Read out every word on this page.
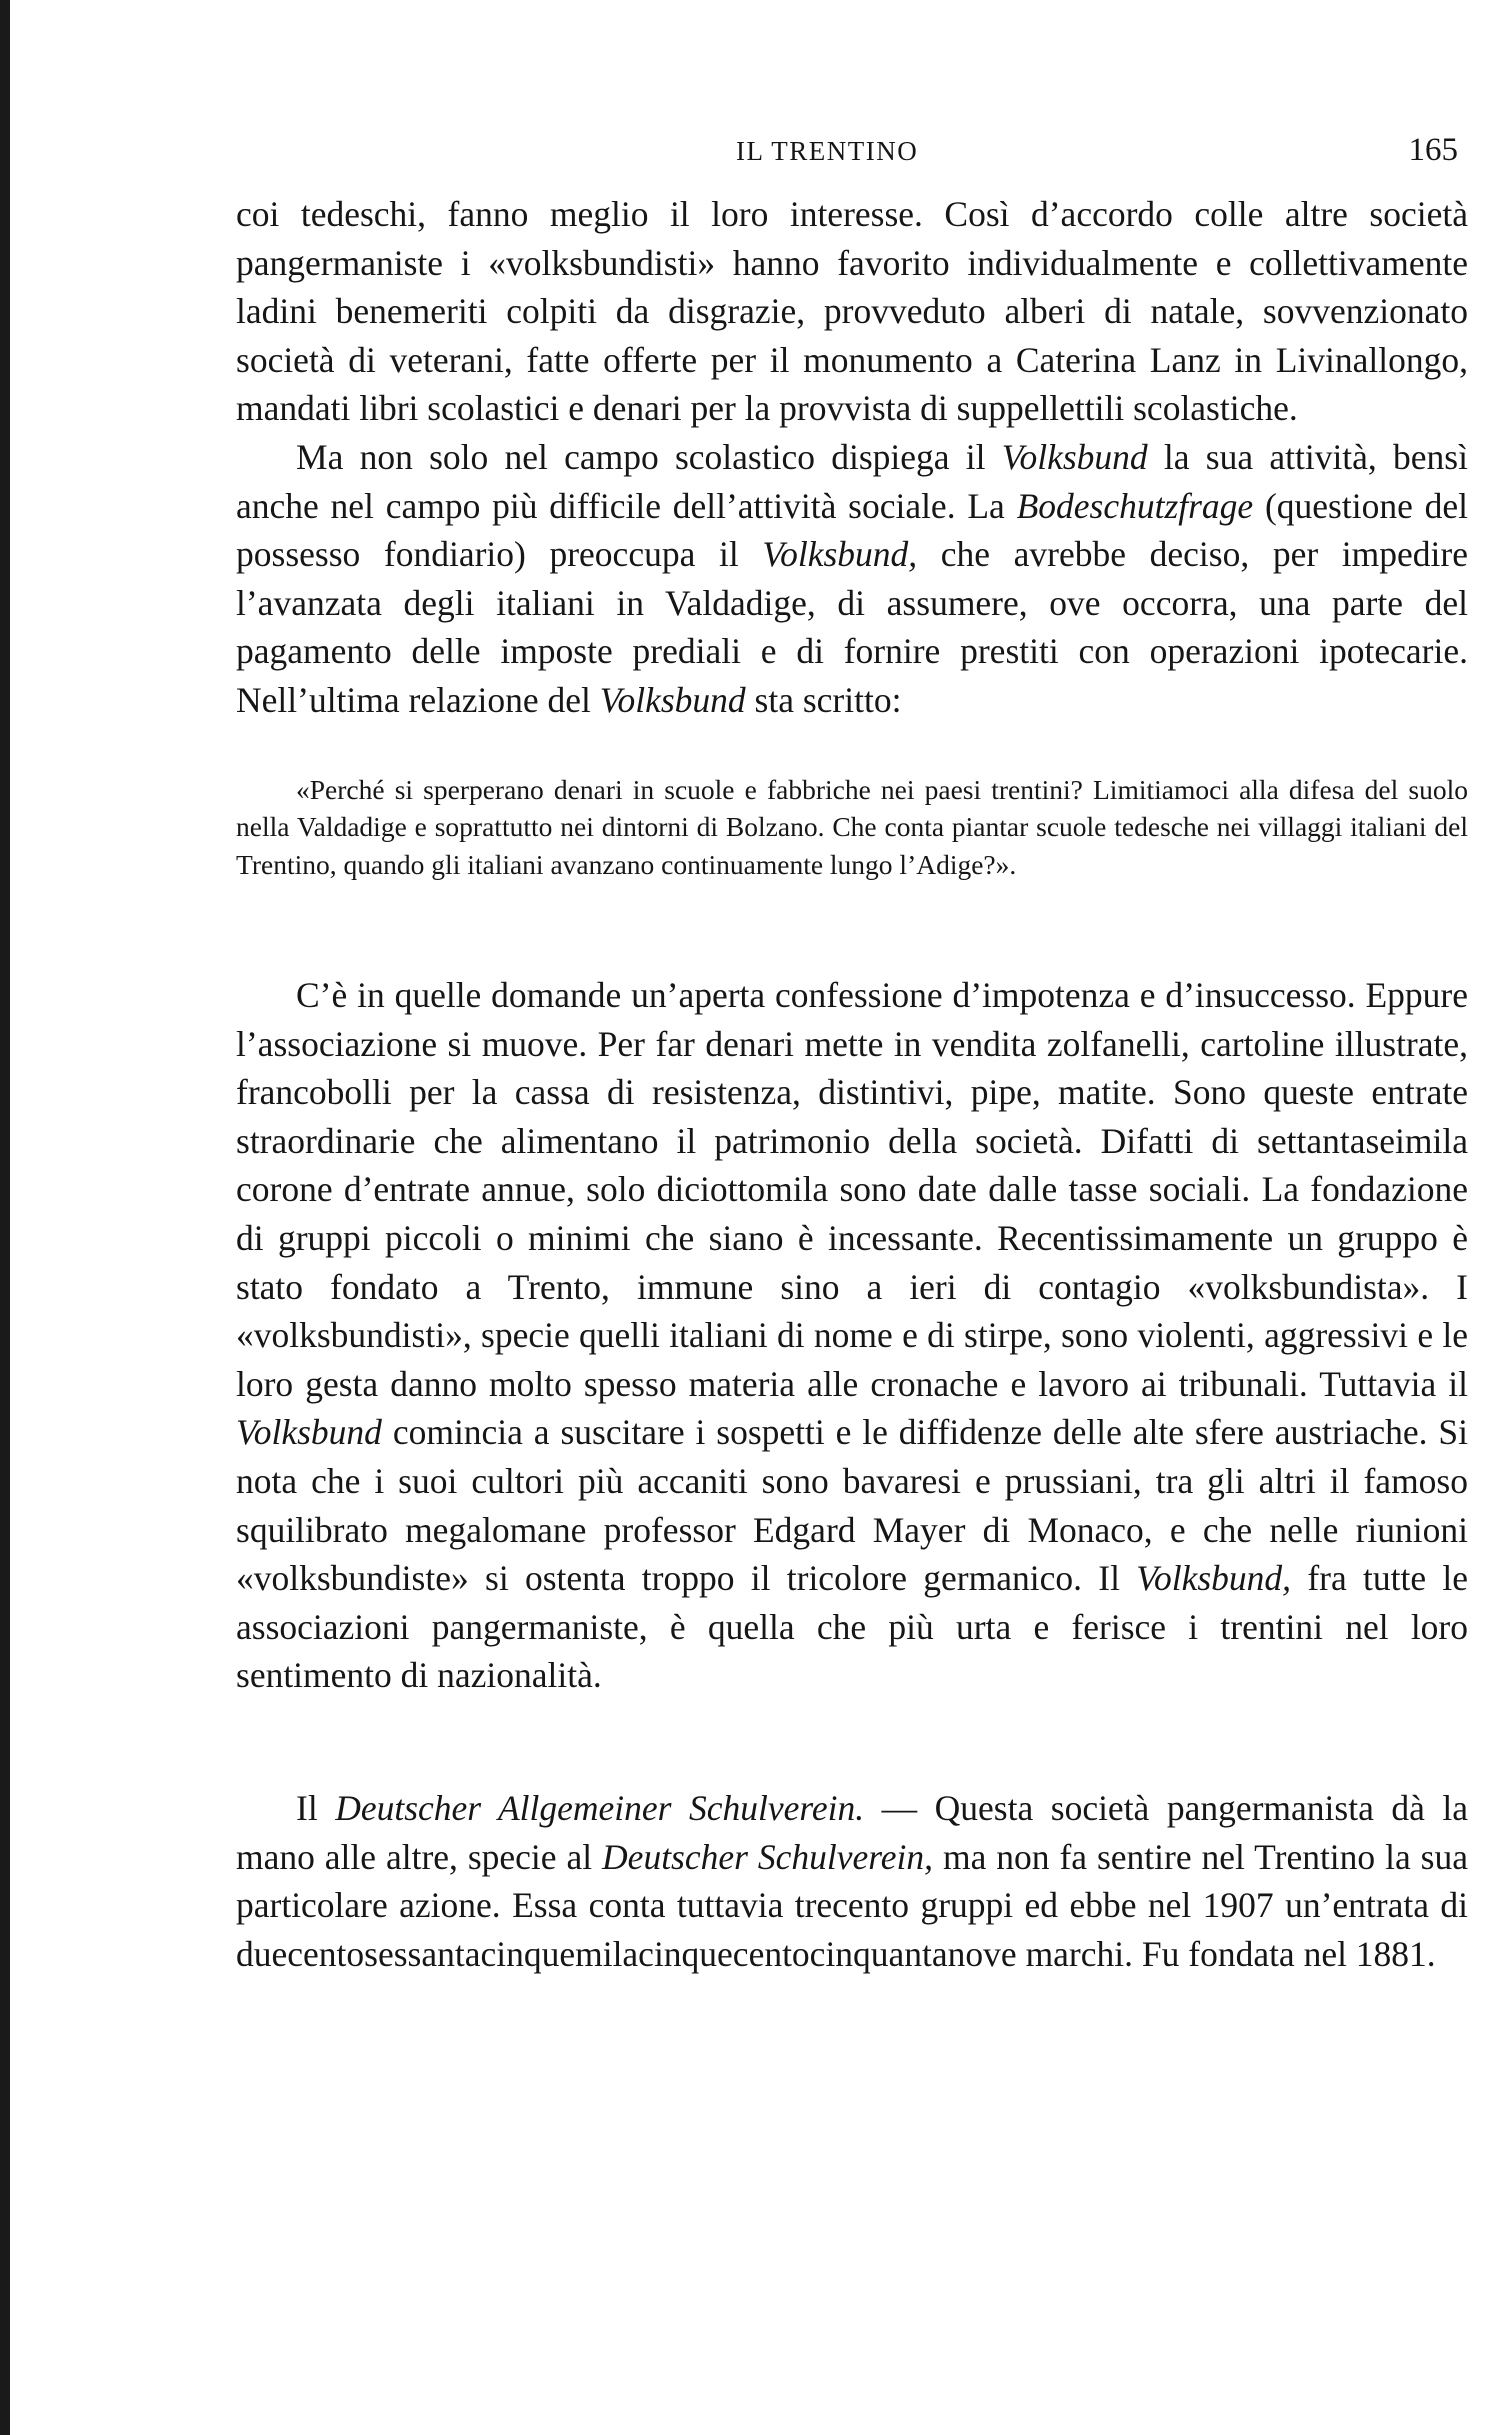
IL TRENTINO	165

coi tedeschi, fanno meglio il loro interesse. Così d’accordo colle altre società pangermaniste i «volksbundisti» hanno favorito individualmente e collettivamente ladini benemeriti colpiti da disgrazie, provveduto alberi di natale, sovvenzionato società di veterani, fatte offerte per il monumento a Caterina Lanz in Livinallongo, mandati libri scolastici e denari per la provvista di suppellettili scolastiche.

Ma non solo nel campo scolastico dispiega il Volksbund la sua attività, bensì anche nel campo più difficile dell’attività sociale. La Bodeschutzfrage (questione del possesso fondiario) preoccupa il Volksbund, che avrebbe deciso, per impedire l’avanzata degli italiani in Valdadige, di assumere, ove occorra, una parte del pagamento delle imposte prediali e di fornire prestiti con operazioni ipotecarie. Nell’ultima relazione del Volksbund sta scritto:

«Perché si sperperano denari in scuole e fabbriche nei paesi trentini? Limitiamoci alla difesa del suolo nella Valdadige e soprattutto nei dintorni di Bolzano. Che conta piantar scuole tedesche nei villaggi italiani del Trentino, quando gli italiani avanzano continuamente lungo l’Adige?».

C’è in quelle domande un’aperta confessione d’impotenza e d’insuccesso. Eppure l’associazione si muove. Per far denari mette in vendita zolfanelli, cartoline illustrate, francobolli per la cassa di resistenza, distintivi, pipe, matite. Sono queste entrate straordinarie che alimentano il patrimonio della società. Difatti di settantaseimila corone d’entrate annue, solo diciottomila sono date dalle tasse sociali. La fondazione di gruppi piccoli o minimi che siano è incessante. Recentissimamente un gruppo è stato fondato a Trento, immune sino a ieri di contagio «volksbundista». I «volksbundisti», specie quelli italiani di nome e di stirpe, sono violenti, aggressivi e le loro gesta danno molto spesso materia alle cronache e lavoro ai tribunali. Tuttavia il Volksbund comincia a suscitare i sospetti e le diffidenze delle alte sfere austriache. Si nota che i suoi cultori più accaniti sono bavaresi e prussiani, tra gli altri il famoso squilibrato megalomane professor Edgard Mayer di Monaco, e che nelle riunioni «volksbundiste» si ostenta troppo il tricolore germanico. Il Volksbund, fra tutte le associazioni pangermaniste, è quella che più urta e ferisce i trentini nel loro sentimento di nazionalità.

Il Deutscher Allgemeiner Schulverein. — Questa società pangermanista dà la mano alle altre, specie al Deutscher Schulverein, ma non fa sentire nel Trentino la sua particolare azione. Essa conta tuttavia trecento gruppi ed ebbe nel 1907 un’entrata di duecentosessantacinquemilacinquecentocinquantanove marchi. Fu fondata nel 1881.
